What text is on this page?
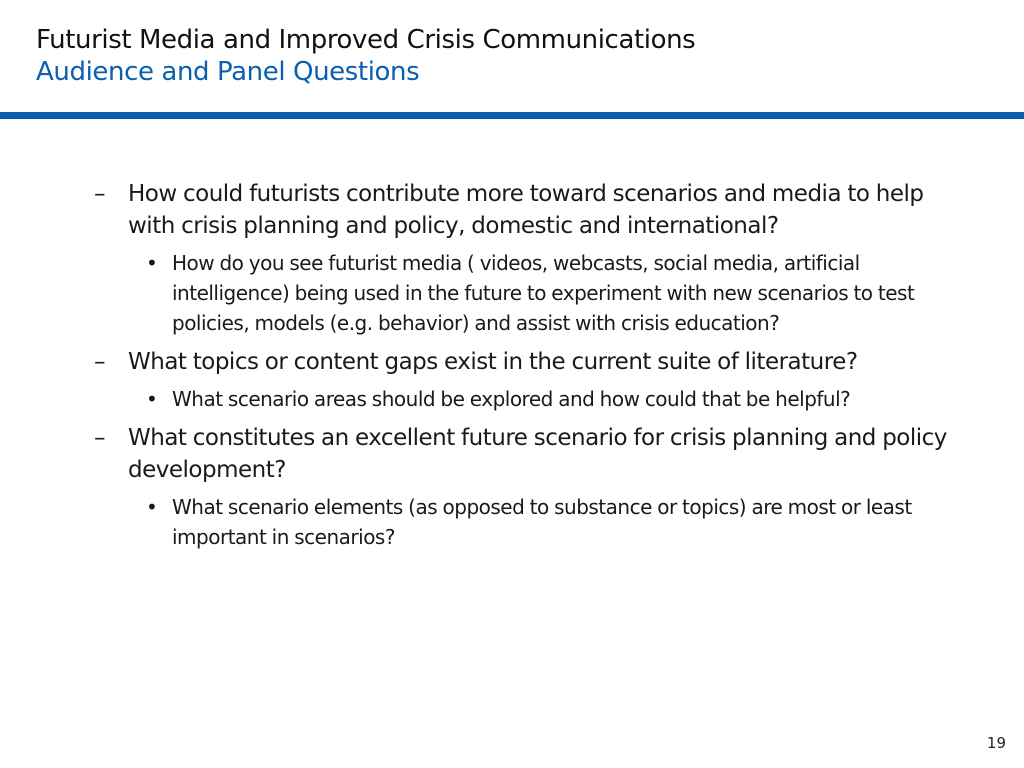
Futurist Media and Improved Crisis Communications
Audience and Panel Questions
– How could futurists contribute more toward scenarios and media to help with crisis planning and policy, domestic and international?
• How do you see futurist media ( videos, webcasts, social media, artificial intelligence) being used in the future to experiment with new scenarios to test policies, models (e.g. behavior) and assist with crisis education?
– What topics or content gaps exist in the current suite of literature?
• What scenario areas should be explored and how could that be helpful?
– What constitutes an excellent future scenario for crisis planning and policy development?
• What scenario elements (as opposed to substance or topics) are most or least important in scenarios?
19
